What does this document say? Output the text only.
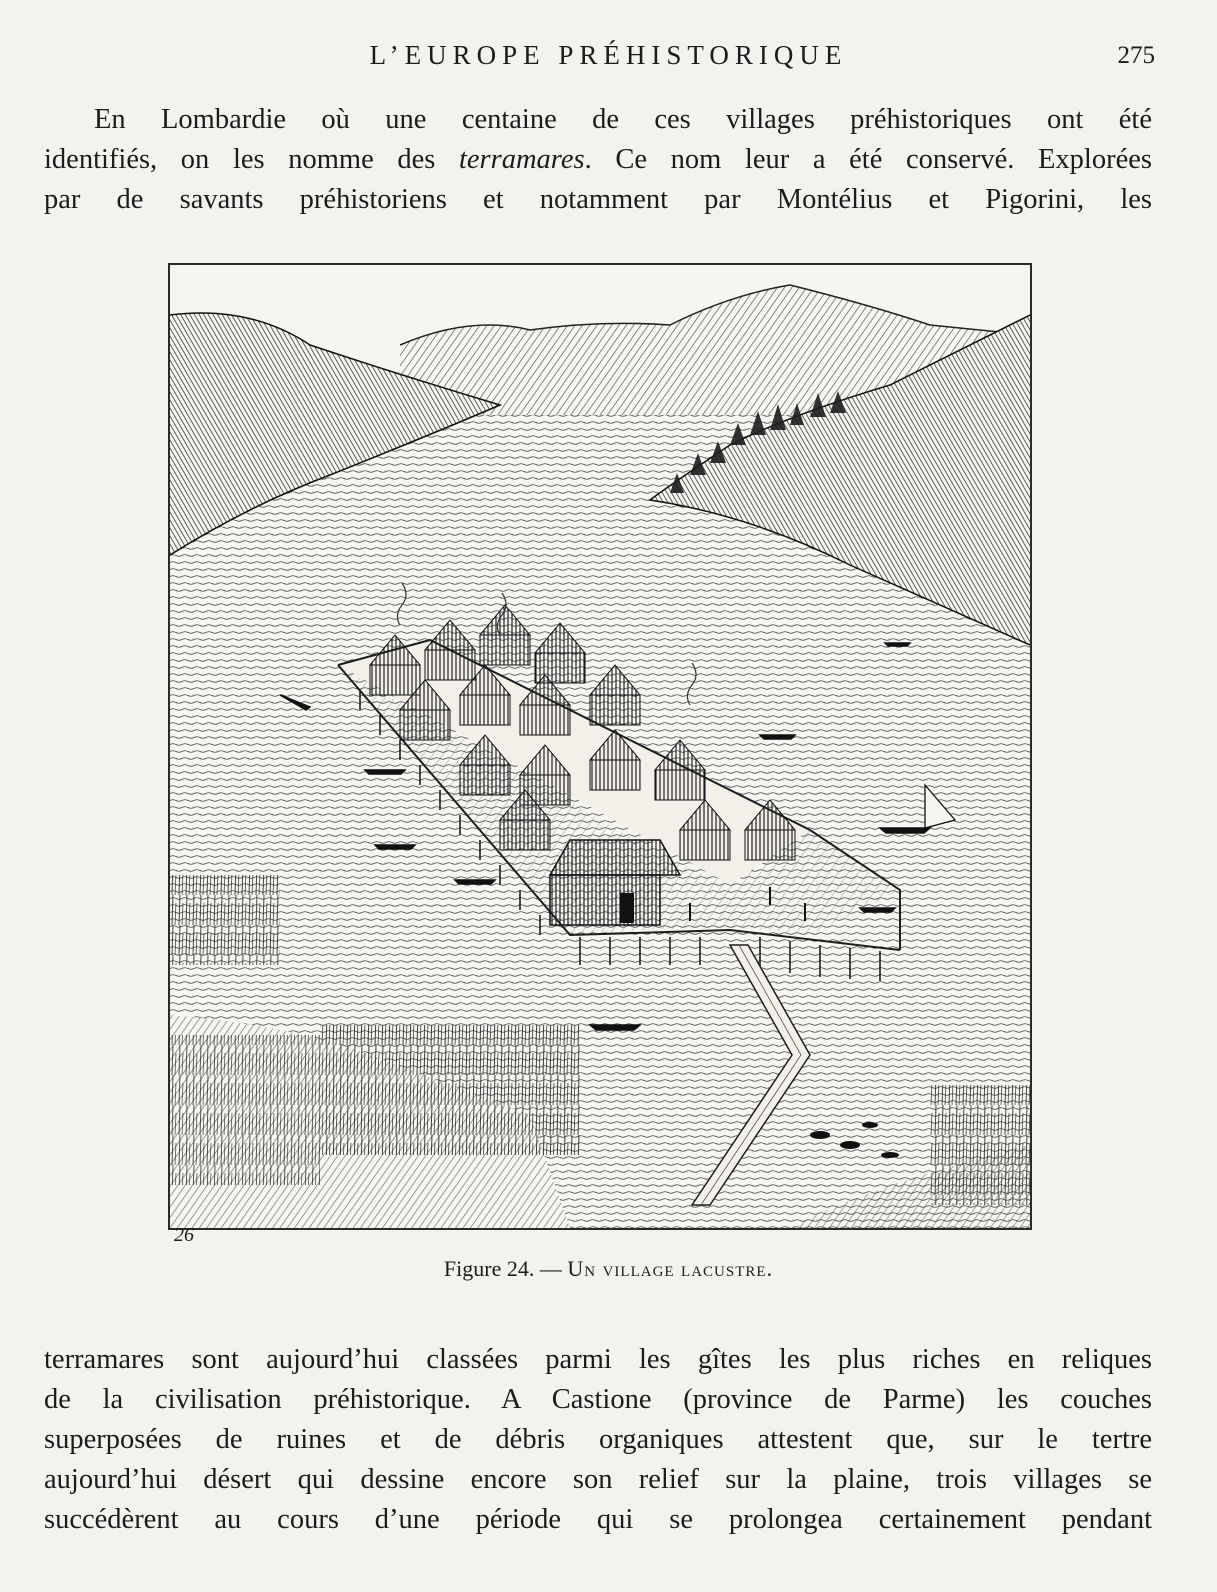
L’EUROPE PRÉHISTORIQUE	275
En Lombardie où une centaine de ces villages préhistoriques ont été
identifiés, on les nomme des terramares. Ce nom leur a été conservé. Explorées
par de savants préhistoriens et notamment par Montélius et Pigorini, les
26
Figure 24. — Un village lacustre.
terramares sont aujourd’hui classées parmi les gîtes les plus riches en reliques
de la civilisation préhistorique. A Castione (province de Parme) les couches
superposées de ruines et de débris organiques attestent que, sur le tertre
aujourd’hui désert qui dessine encore son relief sur la plaine, trois villages se
succédèrent au cours d’une période qui se prolongea certainement pendant
